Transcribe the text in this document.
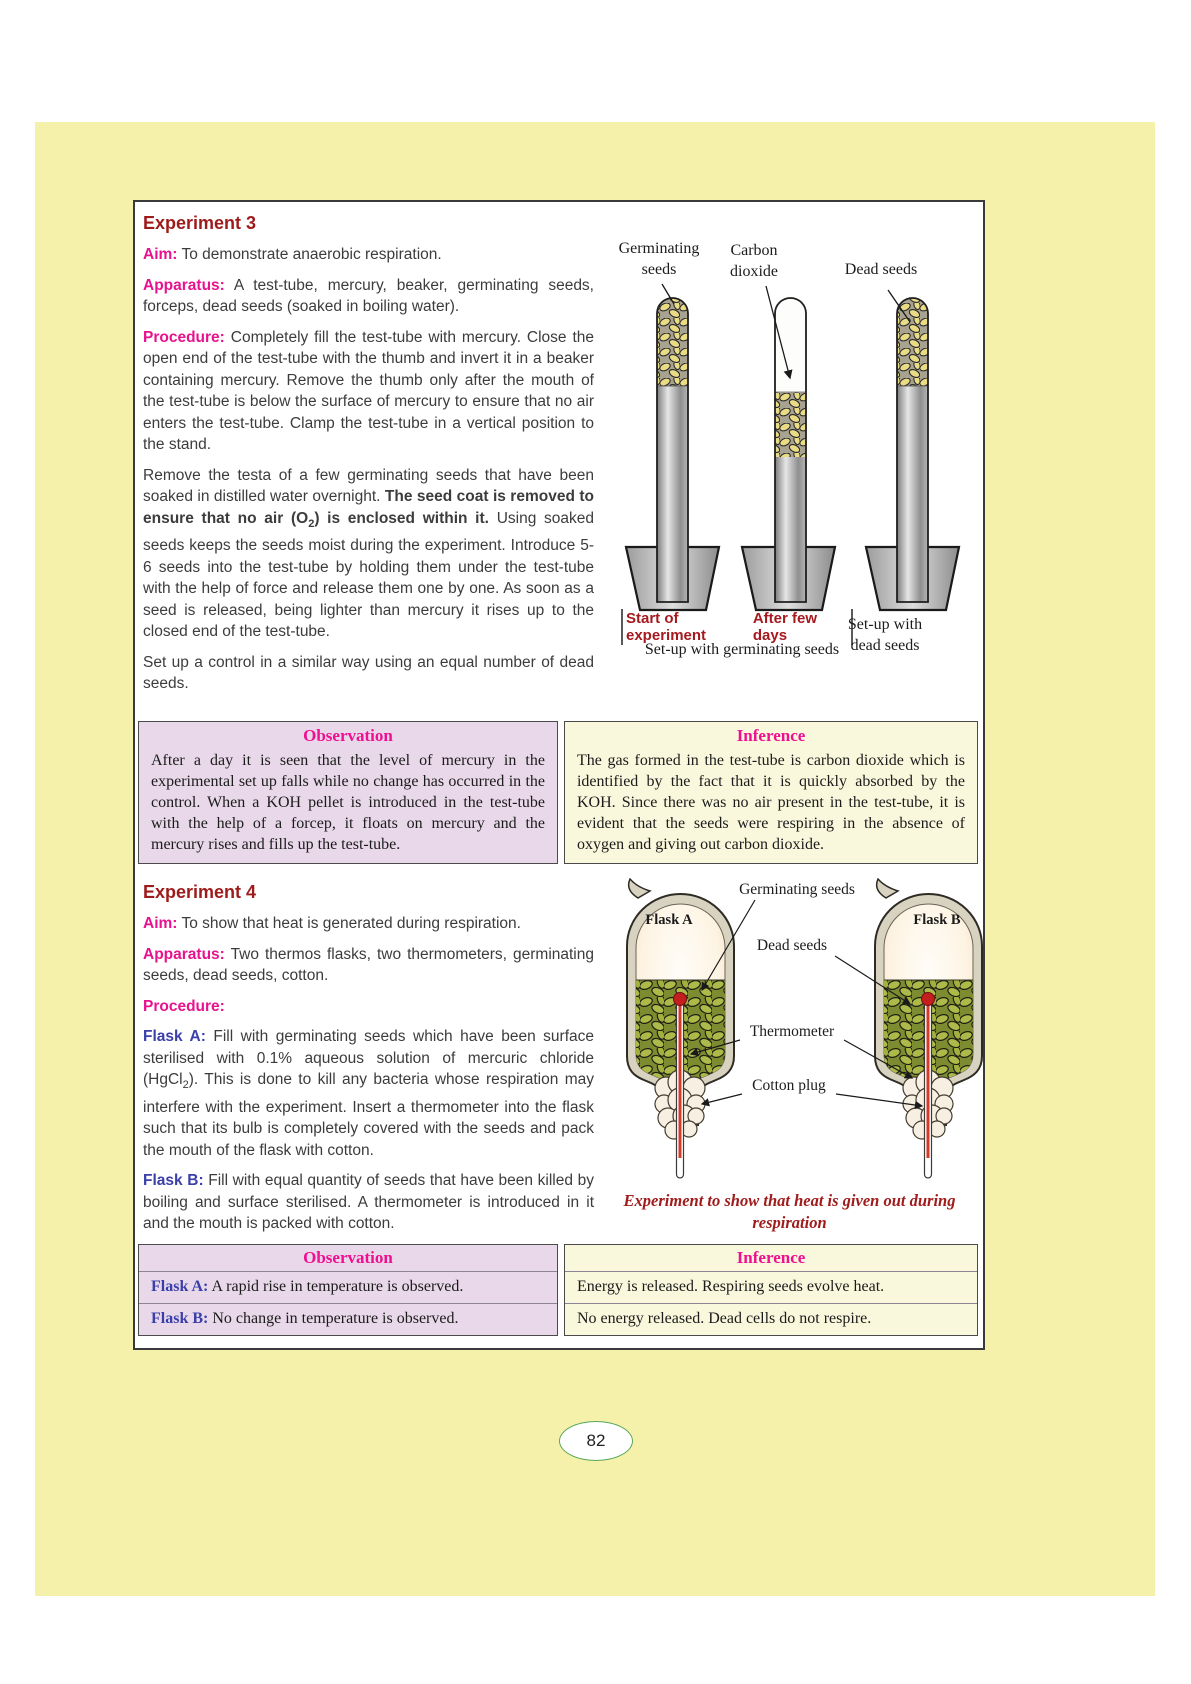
Experiment 3

Aim: To demonstrate anaerobic respiration.

Apparatus: A test-tube, mercury, beaker, germinating seeds, forceps, dead seeds (soaked in boiling water).

Procedure: Completely fill the test-tube with mercury. Close the open end of the test-tube with the thumb and invert it in a beaker containing mercury. Remove the thumb only after the mouth of the test-tube is below the surface of mercury to ensure that no air enters the test-tube. Clamp the test-tube in a vertical position to the stand.

Remove the testa of a few germinating seeds that have been soaked in distilled water overnight. The seed coat is removed to ensure that no air $(O_2)$ is enclosed within it. Using soaked seeds keeps the seeds moist during the experiment. Introduce 5-6 seeds into the test-tube by holding them under the test-tube with the help of force and release them one by one. As soon as a seed is released, being lighter than mercury it rises up to the closed end of the test-tube.

Set up a control in a similar way using an equal number of dead seeds.

Germinating seeds
Carbon dioxide	Dead seeds
Start of experiment
After few days
Set-up with germinating seeds
Set-up with dead seeds
Observation

After a day it is seen that the level of mercury in the experimental set up falls while no change has occurred in the control. When a KOH pellet is introduced in the test-tube with the help of a forcep, it floats on mercury and the mercury rises and fills up the test-tube.

Inference

The gas formed in the test-tube is carbon dioxide which is identified by the fact that it is quickly absorbed by the KOH. Since there was no air present in the test-tube, it is evident that the seeds were respiring in the absence of oxygen and giving out carbon dioxide.

Experiment 4

Aim: To show that heat is generated during respiration.

Apparatus: Two thermos flasks, two thermometers, germinating seeds, dead seeds, cotton.

Procedure:

Flask A: Fill with germinating seeds which have been surface sterilised with 0.1% aqueous solution of mercuric chloride (HgCl$_2$). This is done to kill any bacteria whose respiration may interfere with the experiment. Insert a thermometer into the flask such that its bulb is completely covered with the seeds and pack the mouth of the flask with cotton.

Flask B: Fill with equal quantity of seeds that have been killed by boiling and surface sterilised. A thermometer is introduced in it and the mouth is packed with cotton.

Flask A	Flask B
Germinating seeds
Dead seeds
Thermometer
Cotton plug
Experiment to show that heat is given out during respiration
Observation
Flask A: A rapid rise in temperature is observed.
Flask B: No change in temperature is observed.
Inference
Energy is released. Respiring seeds evolve heat.
No energy released. Dead cells do not respire.
82
